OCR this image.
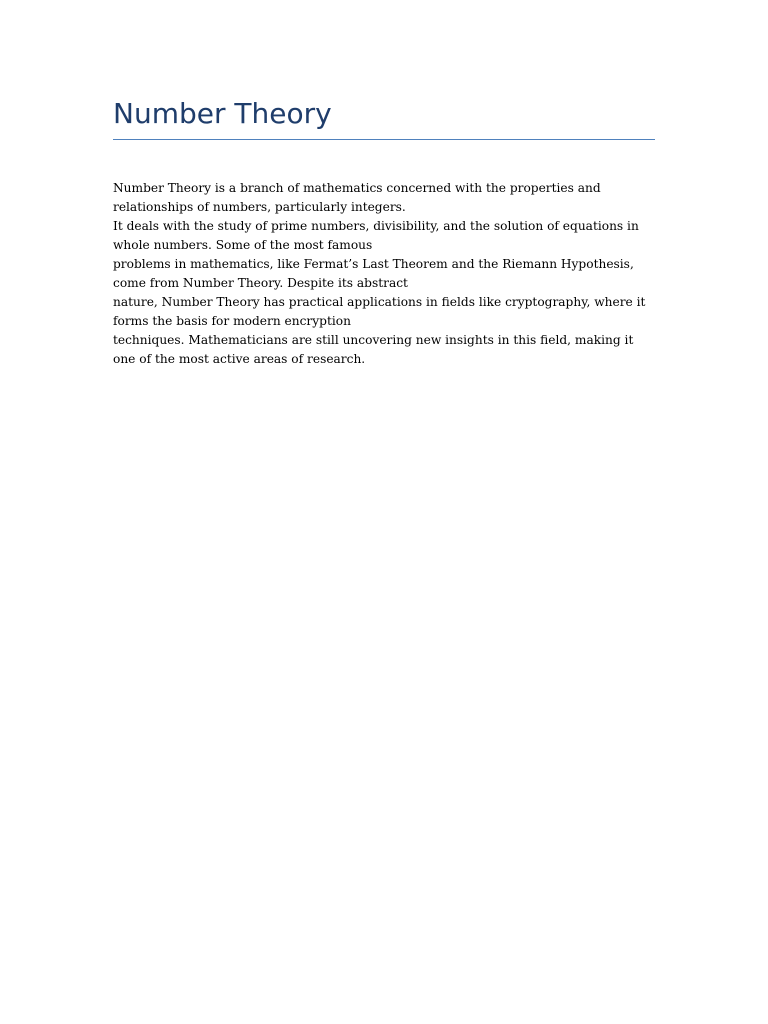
Number Theory

Number Theory is a branch of mathematics concerned with the properties and relationships of numbers, particularly integers.

It deals with the study of prime numbers, divisibility, and the solution of equations in whole numbers. Some of the most famous

problems in mathematics, like Fermat’s Last Theorem and the Riemann Hypothesis, come from Number Theory. Despite its abstract

nature, Number Theory has practical applications in fields like cryptography, where it forms the basis for modern encryption

techniques. Mathematicians are still uncovering new insights in this field, making it one of the most active areas of research.
